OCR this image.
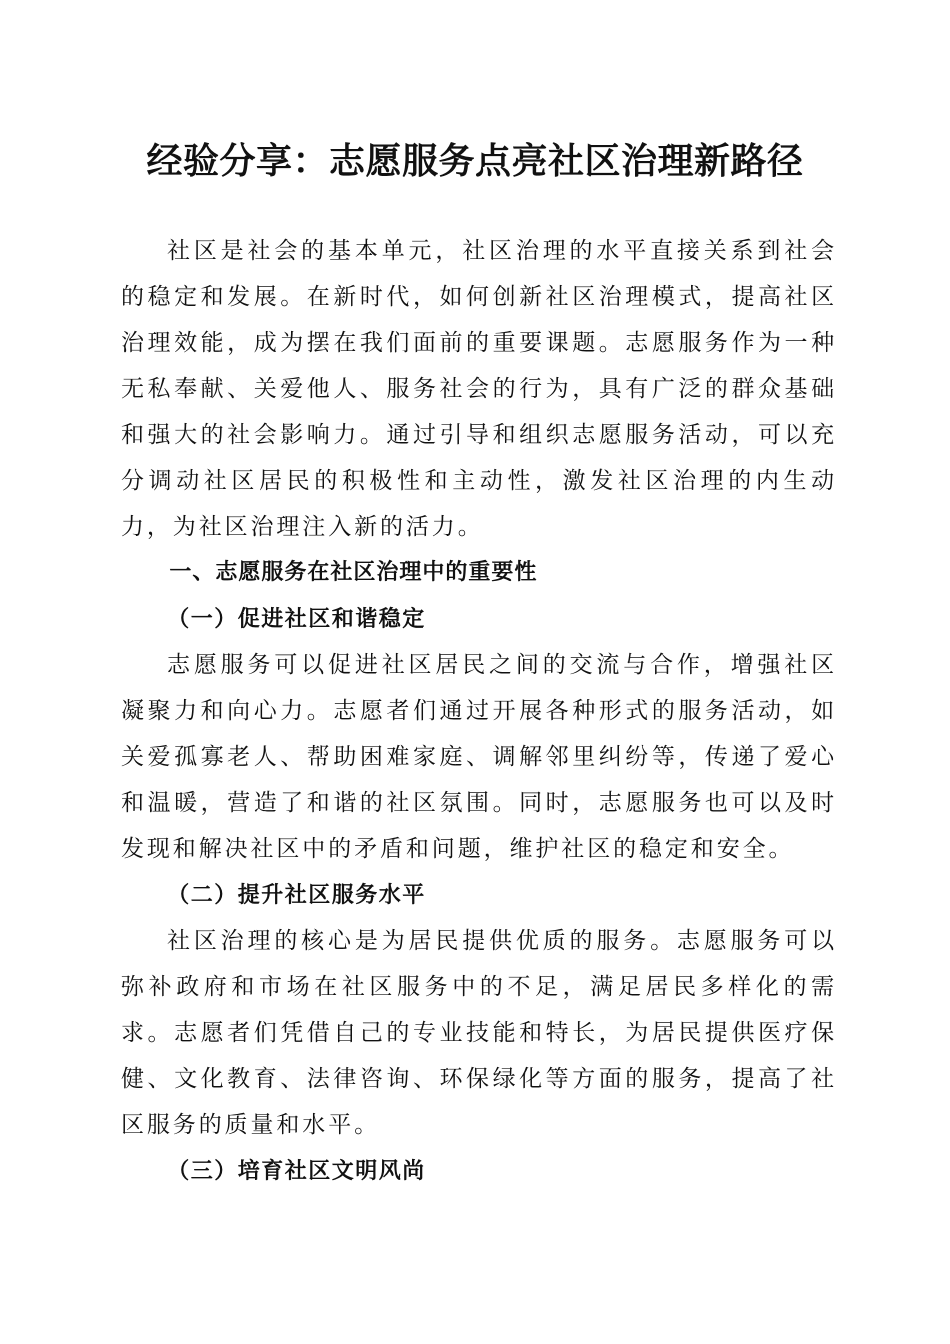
经验分享：志愿服务点亮社区治理新路径

社区是社会的基本单元，社区治理的水平直接关系到社会的稳定和发展。在新时代，如何创新社区治理模式，提高社区治理效能，成为摆在我们面前的重要课题。志愿服务作为一种无私奉献、关爱他人、服务社会的行为，具有广泛的群众基础和强大的社会影响力。通过引导和组织志愿服务活动，可以充分调动社区居民的积极性和主动性，激发社区治理的内生动力，为社区治理注入新的活力。

一、志愿服务在社区治理中的重要性

（一）促进社区和谐稳定

志愿服务可以促进社区居民之间的交流与合作，增强社区凝聚力和向心力。志愿者们通过开展各种形式的服务活动，如关爱孤寡老人、帮助困难家庭、调解邻里纠纷等，传递了爱心和温暖，营造了和谐的社区氛围。同时，志愿服务也可以及时发现和解决社区中的矛盾和问题，维护社区的稳定和安全。

（二）提升社区服务水平

社区治理的核心是为居民提供优质的服务。志愿服务可以弥补政府和市场在社区服务中的不足，满足居民多样化的需求。志愿者们凭借自己的专业技能和特长，为居民提供医疗保健、文化教育、法律咨询、环保绿化等方面的服务，提高了社区服务的质量和水平。

（三）培育社区文明风尚
